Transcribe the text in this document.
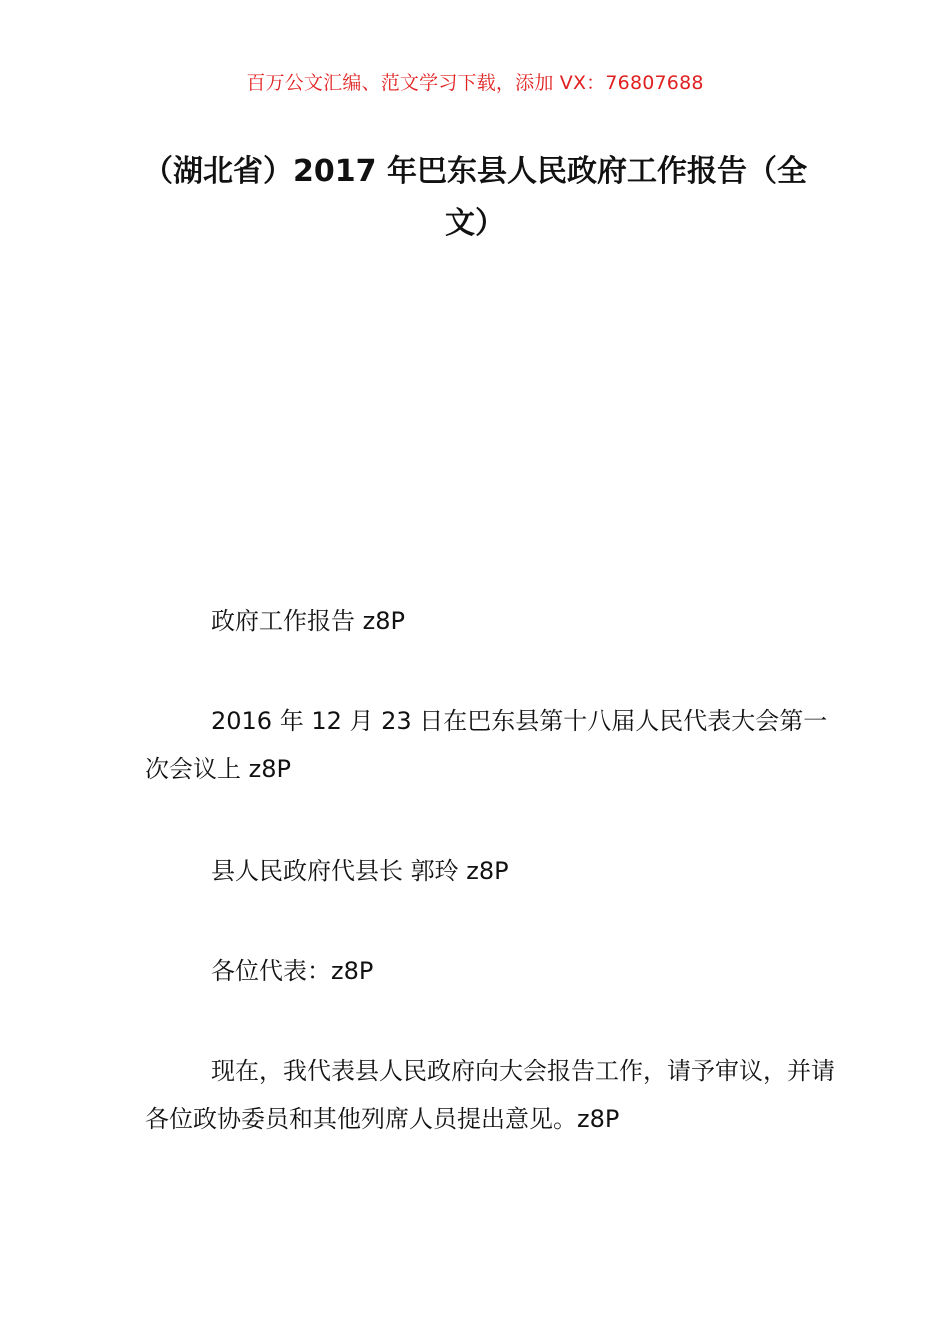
百万公文汇编、范文学习下载，添加 VX：76807688
（湖北省）2017 年巴东县人民政府工作报告（全文）
政府工作报告 z8P
2016 年 12 月 23 日在巴东县第十八届人民代表大会第一次会议上 z8P
县人民政府代县长 郭玲 z8P
各位代表：z8P
现在，我代表县人民政府向大会报告工作，请予审议，并请各位政协委员和其他列席人员提出意见。z8P
